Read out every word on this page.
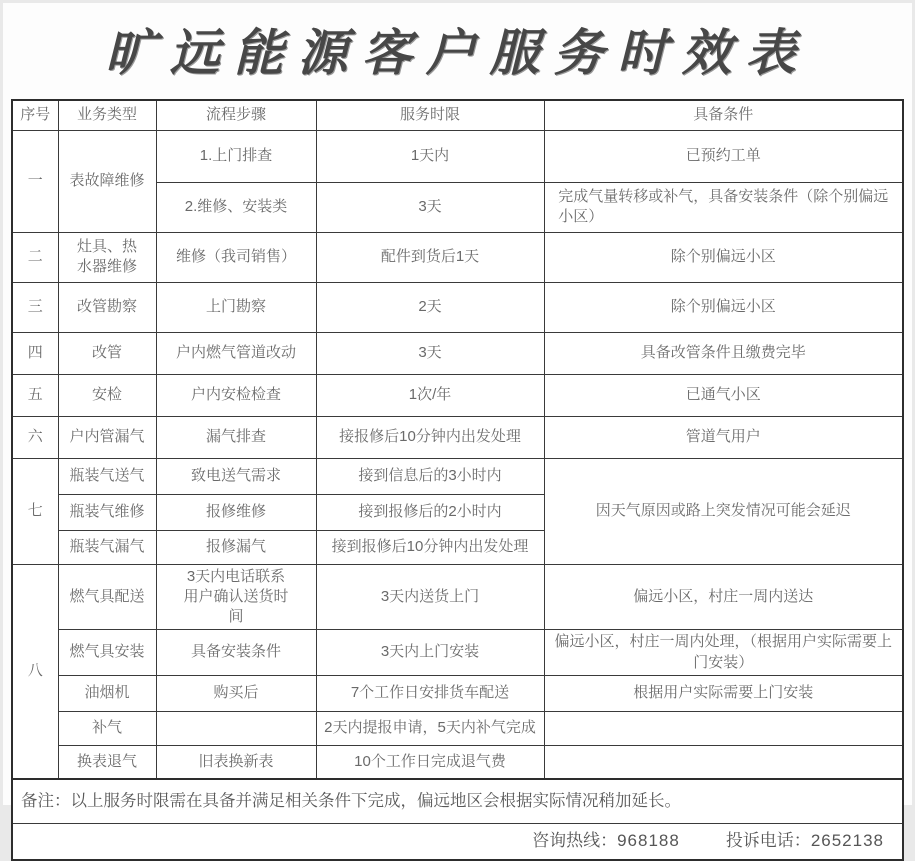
旷远能源客户服务时效表
序号	业务类型	流程步骤	服务时限	具备条件
一	表故障维修	1.上门排查	1天内	已预约工单
		2.维修、安装类	3天	完成气量转移或补气，具备安装条件（除个别偏远小区）
二	灶具、热水器维修	维修（我司销售）	配件到货后1天	除个别偏远小区
三	改管勘察	上门勘察	2天	除个别偏远小区
四	改管	户内燃气管道改动	3天	具备改管条件且缴费完毕
五	安检	户内安检检查	1次/年	已通气小区
六	户内管漏气	漏气排查	接报修后10分钟内出发处理	管道气用户
七	瓶装气送气	致电送气需求	接到信息后的3小时内	因天气原因或路上突发情况可能会延迟
	瓶装气维修	报修维修	接到报修后的2小时内	
	瓶装气漏气	报修漏气	接到报修后10分钟内出发处理	
八	燃气具配送	3天内电话联系用户确认送货时间	3天内送货上门	偏远小区，村庄一周内送达
	燃气具安装	具备安装条件	3天内上门安装	偏远小区，村庄一周内处理，（根据用户实际需要上门安装）
	油烟机	购买后	7个工作日安排货车配送	根据用户实际需要上门安装
	补气		2天内提报申请，5天内补气完成	
	换表退气	旧表换新表	10个工作日完成退气费	
备注：以上服务时限需在具备并满足相关条件下完成，偏远地区会根据实际情况稍加延长。				
咨询热线：968188 投诉电话：2652138				
